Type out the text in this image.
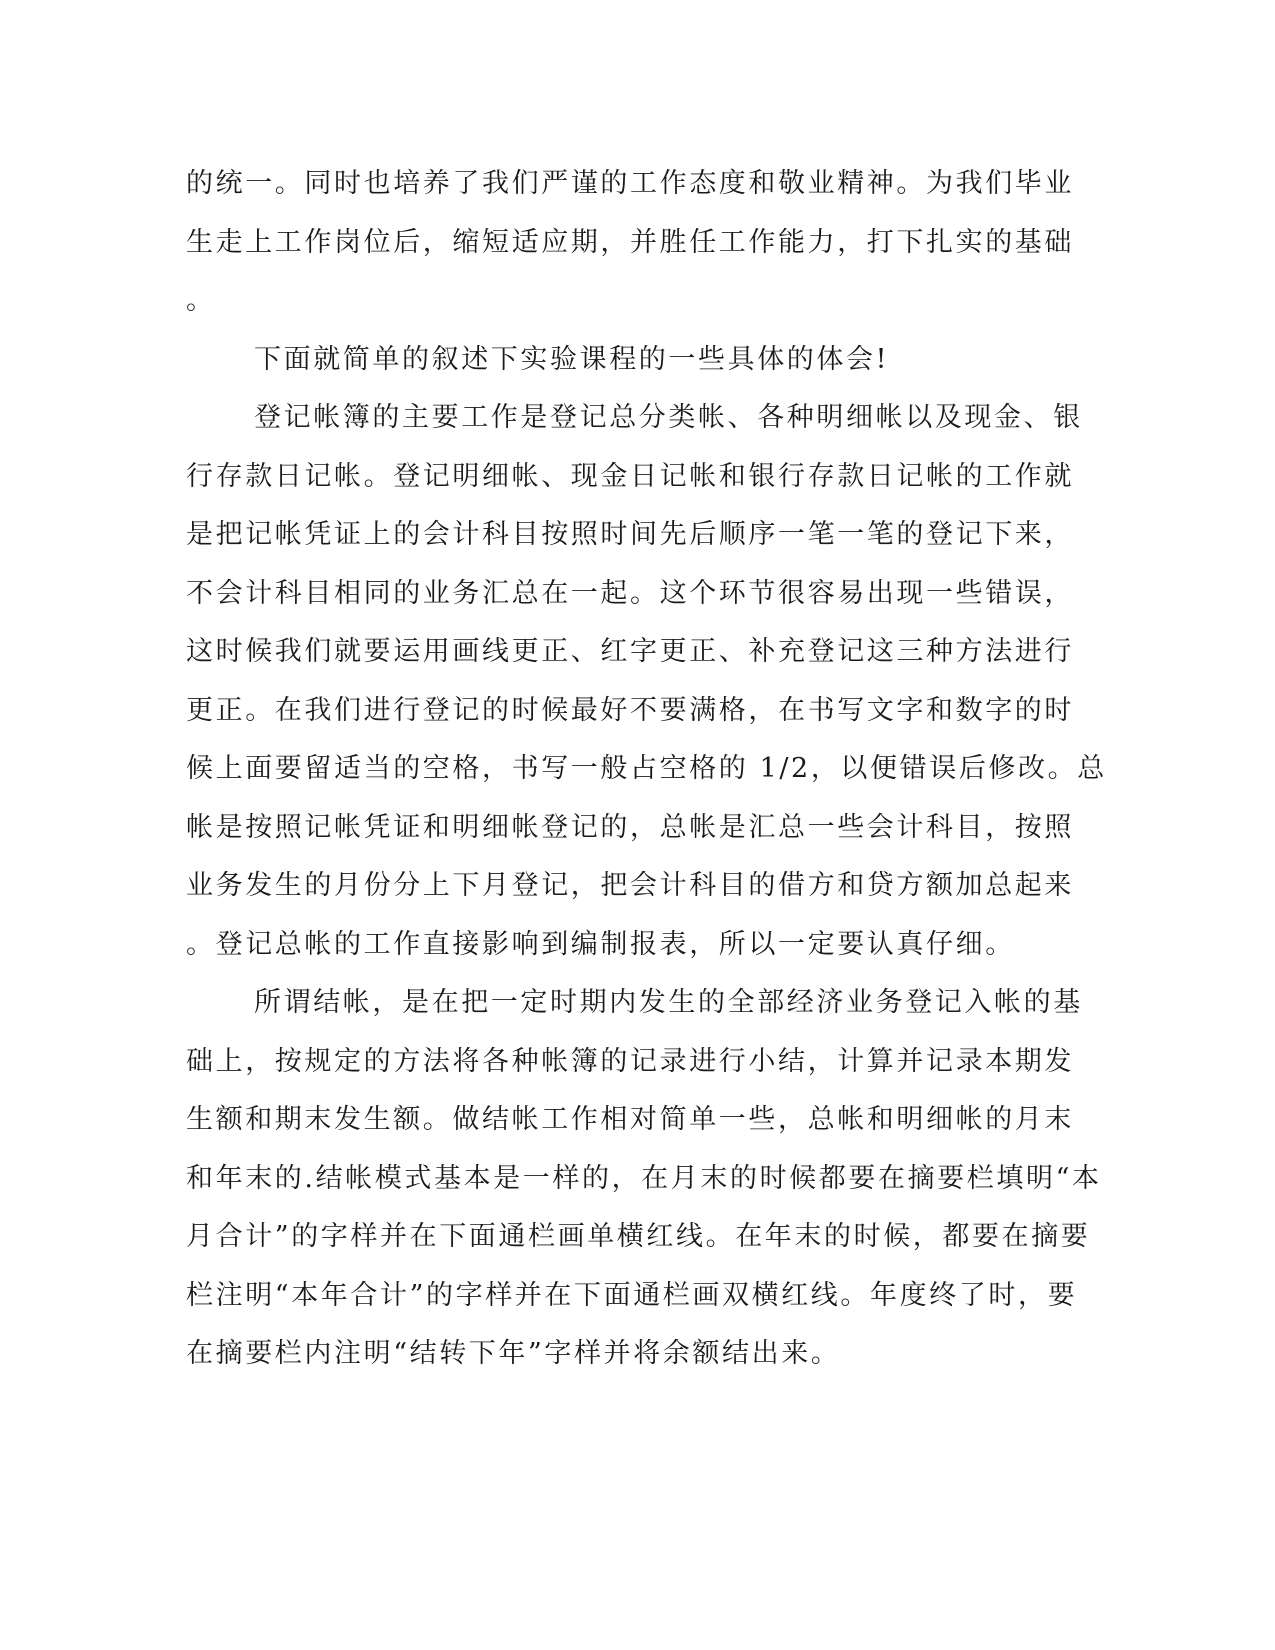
的统一。同时也培养了我们严谨的工作态度和敬业精神。为我们毕业
生走上工作岗位后，缩短适应期，并胜任工作能力，打下扎实的基础
。
下面就简单的叙述下实验课程的一些具体的体会!
登记帐簿的主要工作是登记总分类帐、各种明细帐以及现金、银
行存款日记帐。登记明细帐、现金日记帐和银行存款日记帐的工作就
是把记帐凭证上的会计科目按照时间先后顺序一笔一笔的登记下来，
不会计科目相同的业务汇总在一起。这个环节很容易出现一些错误，
这时候我们就要运用画线更正、红字更正、补充登记这三种方法进行
更正。在我们进行登记的时候最好不要满格，在书写文字和数字的时
候上面要留适当的空格，书写一般占空格的 1/2，以便错误后修改。总
帐是按照记帐凭证和明细帐登记的，总帐是汇总一些会计科目，按照
业务发生的月份分上下月登记，把会计科目的借方和贷方额加总起来
。登记总帐的工作直接影响到编制报表，所以一定要认真仔细。
所谓结帐，是在把一定时期内发生的全部经济业务登记入帐的基
础上，按规定的方法将各种帐簿的记录进行小结，计算并记录本期发
生额和期末发生额。做结帐工作相对简单一些，总帐和明细帐的月末
和年末的.结帐模式基本是一样的，在月末的时候都要在摘要栏填明“本
月合计”的字样并在下面通栏画单横红线。在年末的时候，都要在摘要
栏注明“本年合计”的字样并在下面通栏画双横红线。年度终了时，要
在摘要栏内注明“结转下年”字样并将余额结出来。
